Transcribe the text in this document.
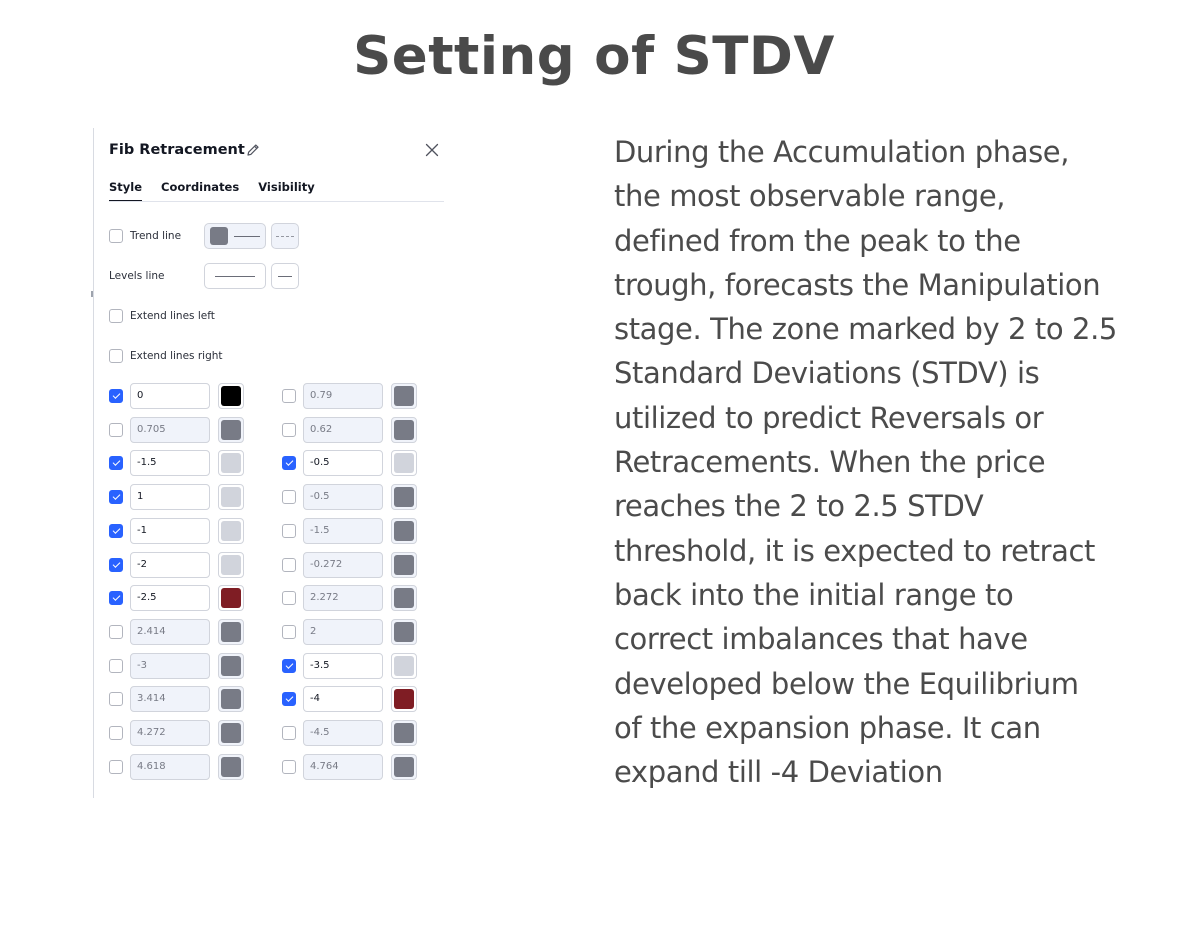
Setting of STDV
Fib Retracement
Style Coordinates Visibility
Trend line
Levels line
Extend lines left
Extend lines right
0
0.705
-1.5
1
-1
-2
-2.5
2.414
-3
3.414
4.272
4.618
0.79
0.62
-0.5
-0.5
-1.5
-0.272
2.272
2
-3.5
-4
-4.5
4.764
During the Accumulation phase,
the most observable range,
defined from the peak to the
trough, forecasts the Manipulation
stage. The zone marked by 2 to 2.5
Standard Deviations (STDV) is
utilized to predict Reversals or
Retracements. When the price
reaches the 2 to 2.5 STDV
threshold, it is expected to retract
back into the initial range to
correct imbalances that have
developed below the Equilibrium
of the expansion phase. It can
expand till -4 Deviation
